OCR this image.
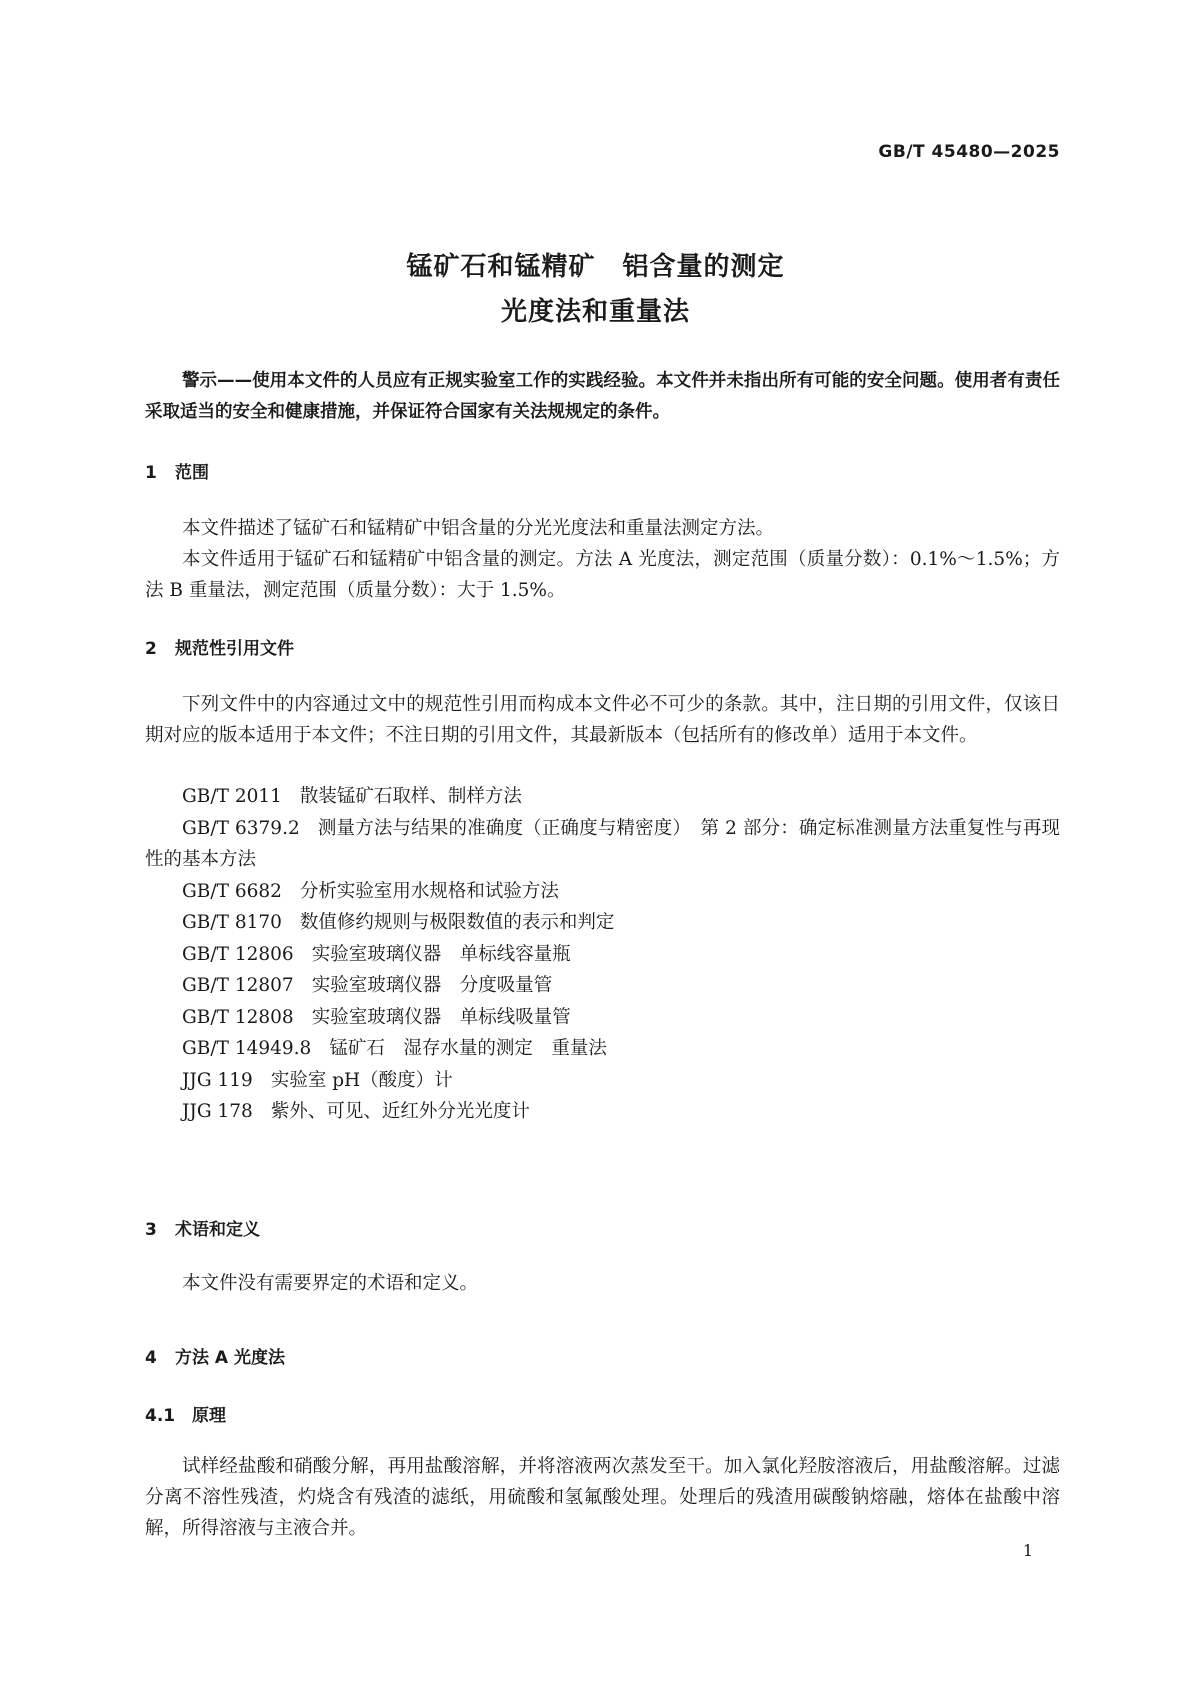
GB/T 45480—2025

锰矿石和锰精矿　铝含量的测定
光度法和重量法

警示——使用本文件的人员应有正规实验室工作的实践经验。本文件并未指出所有可能的安全问题。使用者有责任采取适当的安全和健康措施，并保证符合国家有关法规规定的条件。

1 范围

本文件描述了锰矿石和锰精矿中铝含量的分光光度法和重量法测定方法。

本文件适用于锰矿石和锰精矿中铝含量的测定。方法 A 光度法，测定范围（质量分数）：0.1%～1.5%；方法 B 重量法，测定范围（质量分数）：大于 1.5%。

2 规范性引用文件

下列文件中的内容通过文中的规范性引用而构成本文件必不可少的条款。其中，注日期的引用文件，仅该日期对应的版本适用于本文件；不注日期的引用文件，其最新版本（包括所有的修改单）适用于本文件。

GB/T 2011 散装锰矿石取样、制样方法
GB/T 6379.2 测量方法与结果的准确度（正确度与精密度）　第 2 部分：确定标准测量方法重复性与再现性的基本方法
GB/T 6682 分析实验室用水规格和试验方法
GB/T 8170 数值修约规则与极限数值的表示和判定
GB/T 12806 实验室玻璃仪器　单标线容量瓶
GB/T 12807 实验室玻璃仪器　分度吸量管
GB/T 12808 实验室玻璃仪器　单标线吸量管
GB/T 14949.8 锰矿石　湿存水量的测定　重量法
JJG 119 实验室 pH（酸度）计
JJG 178 紫外、可见、近红外分光光度计
3 术语和定义

本文件没有需要界定的术语和定义。

4 方法 A 光度法
4.1 原理

试样经盐酸和硝酸分解，再用盐酸溶解，并将溶液两次蒸发至干。加入氯化羟胺溶液后，用盐酸溶解。过滤分离不溶性残渣，灼烧含有残渣的滤纸，用硫酸和氢氟酸处理。处理后的残渣用碳酸钠熔融，熔体在盐酸中溶解，所得溶液与主液合并。

1
